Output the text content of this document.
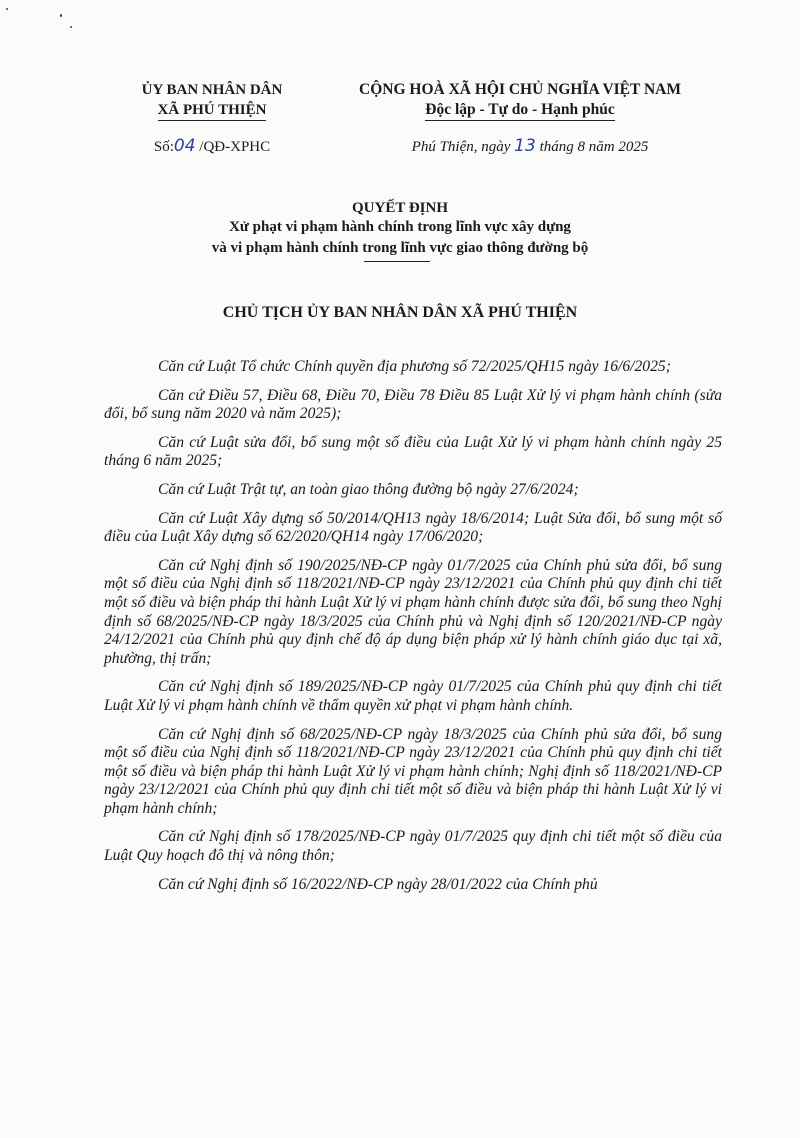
ỦY BAN NHÂN DÂN
XÃ PHÚ THIỆN
CỘNG HOÀ XÃ HỘI CHỦ NGHĨA VIỆT NAM
Độc lập - Tự do - Hạnh phúc
Số:04 /QĐ-XPHC	Phú Thiện, ngày 13 tháng 8 năm 2025
QUYẾT ĐỊNH
Xử phạt vi phạm hành chính trong lĩnh vực xây dựng
và vi phạm hành chính trong lĩnh vực giao thông đường bộ
CHỦ TỊCH ỦY BAN NHÂN DÂN XÃ PHÚ THIỆN

Căn cứ Luật Tổ chức Chính quyền địa phương số 72/2025/QH15 ngày 16/6/2025;

Căn cứ Điều 57, Điều 68, Điều 70, Điều 78 Điều 85 Luật Xử lý vi phạm hành chính (sửa đổi, bổ sung năm 2020 và năm 2025);

Căn cứ Luật sửa đổi, bổ sung một số điều của Luật Xử lý vi phạm hành chính ngày 25 tháng 6 năm 2025;

Căn cứ Luật Trật tự, an toàn giao thông đường bộ ngày 27/6/2024;

Căn cứ Luật Xây dựng số 50/2014/QH13 ngày 18/6/2014; Luật Sửa đổi, bổ sung một số điều của Luật Xây dựng số 62/2020/QH14 ngày 17/06/2020;

Căn cứ Nghị định số 190/2025/NĐ-CP ngày 01/7/2025 của Chính phủ sửa đổi, bổ sung một số điều của Nghị định số 118/2021/NĐ-CP ngày 23/12/2021 của Chính phủ quy định chi tiết một số điều và biện pháp thi hành Luật Xử lý vi phạm hành chính được sửa đổi, bổ sung theo Nghị định số 68/2025/NĐ-CP ngày 18/3/2025 của Chính phủ và Nghị định số 120/2021/NĐ-CP ngày 24/12/2021 của Chính phủ quy định chế độ áp dụng biện pháp xử lý hành chính giáo dục tại xã, phường, thị trấn;

Căn cứ Nghị định số 189/2025/NĐ-CP ngày 01/7/2025 của Chính phủ quy định chi tiết Luật Xử lý vi phạm hành chính về thẩm quyền xử phạt vi phạm hành chính.

Căn cứ Nghị định số 68/2025/NĐ-CP ngày 18/3/2025 của Chính phủ sửa đổi, bổ sung một số điều của Nghị định số 118/2021/NĐ-CP ngày 23/12/2021 của Chính phủ quy định chi tiết một số điều và biện pháp thi hành Luật Xử lý vi phạm hành chính; Nghị định số 118/2021/NĐ-CP ngày 23/12/2021 của Chính phủ quy định chi tiết một số điều và biện pháp thi hành Luật Xử lý vi phạm hành chính;

Căn cứ Nghị định số 178/2025/NĐ-CP ngày 01/7/2025 quy định chi tiết một số điều của Luật Quy hoạch đô thị và nông thôn;

Căn cứ Nghị định số 16/2022/NĐ-CP ngày 28/01/2022 của Chính phủ
